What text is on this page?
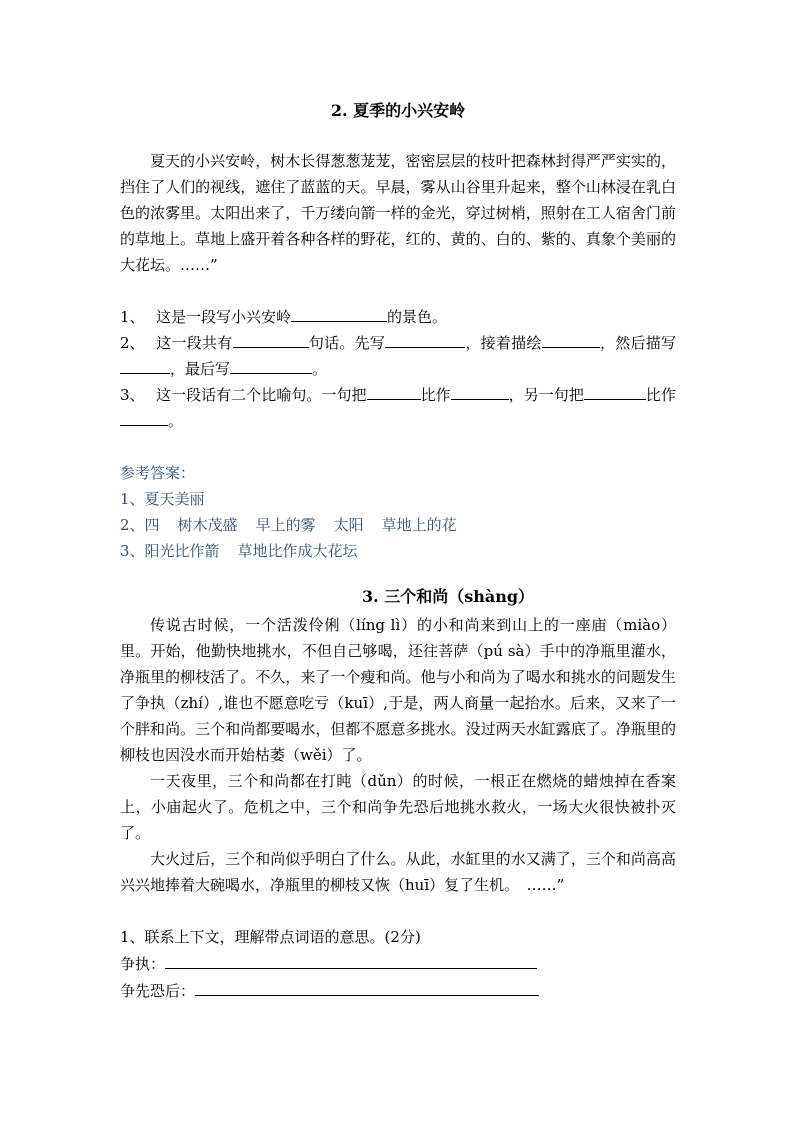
2. 夏季的小兴安岭

夏天的小兴安岭，树木长得葱葱茏茏，密密层层的枝叶把森林封得严严实实的，挡住了人们的视线，遮住了蓝蓝的天。早晨，雾从山谷里升起来，整个山林浸在乳白色的浓雾里。太阳出来了，千万缕向箭一样的金光，穿过树梢，照射在工人宿舍门前的草地上。草地上盛开着各种各样的野花，红的、黄的、白的、紫的、真象个美丽的大花坛。……”

1、 这是一段写小兴安岭	的景色。

2、 这一段共有	句话。先写	，接着描绘	，然后描写，最后写	。

3、 这一段话有二个比喻句。一句把	比作	，另一句把	比作。

参考答案：

1、夏天美丽

2、四 树木茂盛 早上的雾 太阳 草地上的花

3、阳光比作箭 草地比作成大花坛

3. 三个和尚（shàng）

传说古时候，一个活泼伶俐（líng lì）的小和尚来到山上的一座庙（miào）里。开始，他勤快地挑水，不但自己够喝，还往菩萨（pú sà）手中的净瓶里灌水，净瓶里的柳枝活了。不久，来了一个瘦和尚。他与小和尚为了喝水和挑水的问题发生了争执（zhí）,谁也不愿意吃亏（kuī）,于是，两人商量一起抬水。后来，又来了一个胖和尚。三个和尚都要喝水，但都不愿意多挑水。没过两天水缸露底了。净瓶里的柳枝也因没水而开始枯萎（wěi）了。

一天夜里，三个和尚都在打盹（dǔn）的时候，一根正在燃烧的蜡烛掉在香案上，小庙起火了。危机之中，三个和尚争先恐后地挑水救火，一场大火很快被扑灭了。

大火过后，三个和尚似乎明白了什么。从此，水缸里的水又满了，三个和尚高高兴兴地捧着大碗喝水，净瓶里的柳枝又恢（huī）复了生机。　……”

1、联系上下文，理解带点词语的意思。(2分)

争执：

争先恐后：
